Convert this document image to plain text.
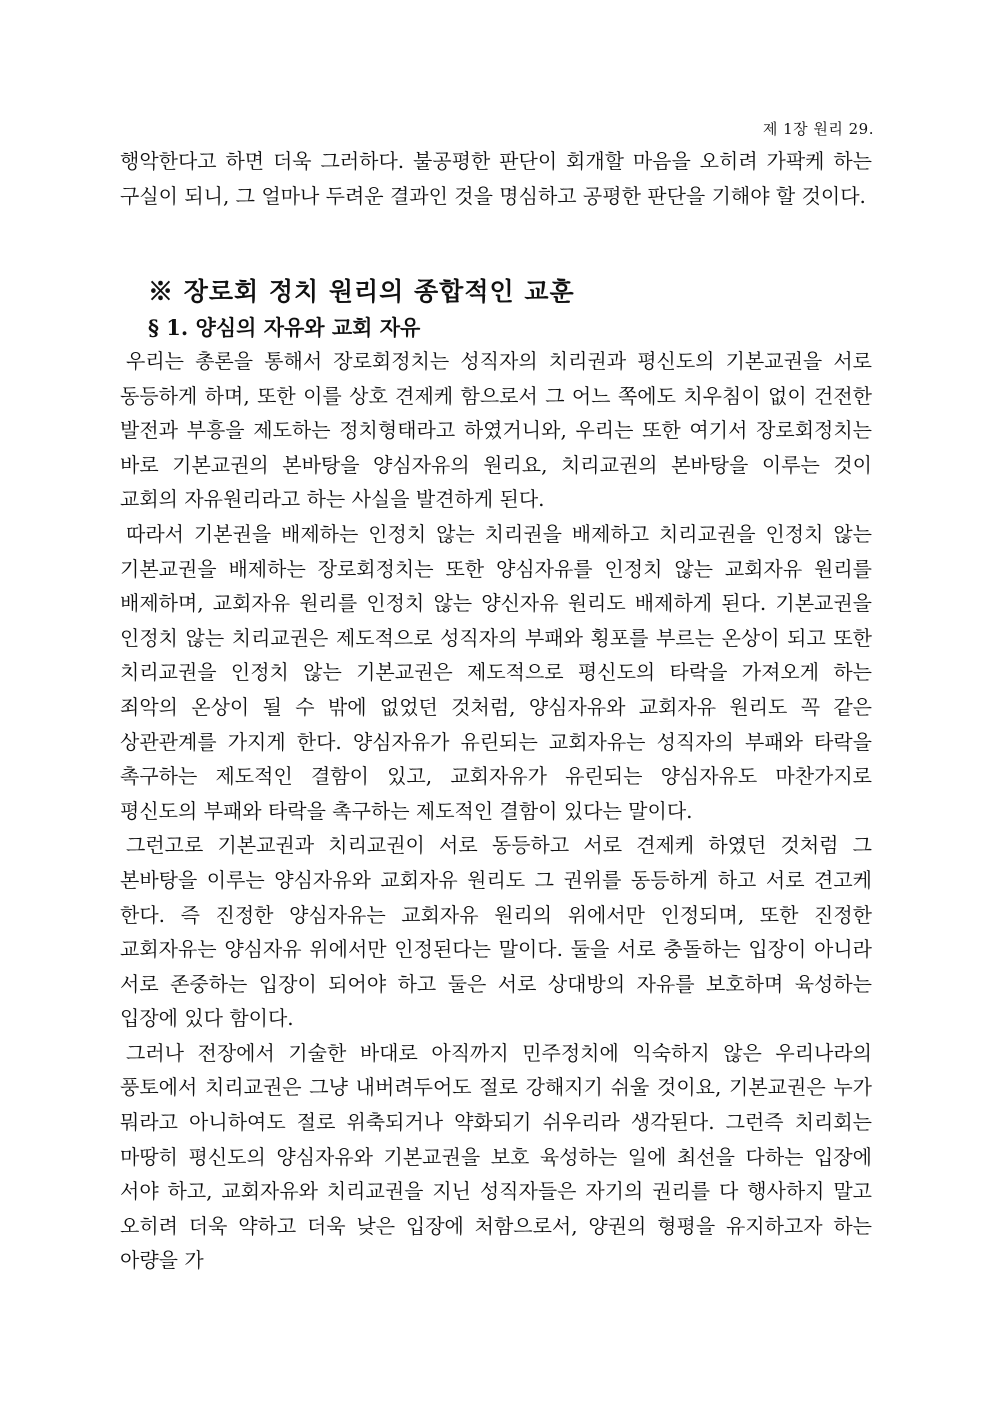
제 1장 원리 29.

행악한다고 하면 더욱 그러하다. 불공평한 판단이 회개할 마음을 오히려 가팍케 하는 구실이 되니, 그 얼마나 두려운 결과인 것을 명심하고 공평한 판단을 기해야 할 것이다.

※ 장로회 정치 원리의 종합적인 교훈
§ 1. 양심의 자유와 교회 자유

우리는 총론을 통해서 장로회정치는 성직자의 치리권과 평신도의 기본교권을 서로 동등하게 하며, 또한 이를 상호 견제케 함으로서 그 어느 쪽에도 치우침이 없이 건전한 발전과 부흥을 제도하는 정치형태라고 하였거니와, 우리는 또한 여기서 장로회정치는 바로 기본교권의 본바탕을 양심자유의 원리요, 치리교권의 본바탕을 이루는 것이 교회의 자유원리라고 하는 사실을 발견하게 된다.

따라서 기본권을 배제하는 인정치 않는 치리권을 배제하고 치리교권을 인정치 않는 기본교권을 배제하는 장로회정치는 또한 양심자유를 인정치 않는 교회자유 원리를 배제하며, 교회자유 원리를 인정치 않는 양신자유 원리도 배제하게 된다. 기본교권을 인정치 않는 치리교권은 제도적으로 성직자의 부패와 횡포를 부르는 온상이 되고 또한 치리교권을 인정치 않는 기본교권은 제도적으로 평신도의 타락을 가져오게 하는 죄악의 온상이 될 수 밖에 없었던 것처럼, 양심자유와 교회자유 원리도 꼭 같은 상관관계를 가지게 한다. 양심자유가 유린되는 교회자유는 성직자의 부패와 타락을 촉구하는 제도적인 결함이 있고, 교회자유가 유린되는 양심자유도 마찬가지로 평신도의 부패와 타락을 촉구하는 제도적인 결함이 있다는 말이다.

그런고로 기본교권과 치리교권이 서로 동등하고 서로 견제케 하였던 것처럼 그 본바탕을 이루는 양심자유와 교회자유 원리도 그 권위를 동등하게 하고 서로 견고케 한다. 즉 진정한 양심자유는 교회자유 원리의 위에서만 인정되며, 또한 진정한 교회자유는 양심자유 위에서만 인정된다는 말이다. 둘을 서로 충돌하는 입장이 아니라 서로 존중하는 입장이 되어야 하고 둘은 서로 상대방의 자유를 보호하며 육성하는 입장에 있다 함이다.

그러나 전장에서 기술한 바대로 아직까지 민주정치에 익숙하지 않은 우리나라의 풍토에서 치리교권은 그냥 내버려두어도 절로 강해지기 쉬울 것이요, 기본교권은 누가 뭐라고 아니하여도 절로 위축되거나 약화되기 쉬우리라 생각된다. 그런즉 치리회는 마땅히 평신도의 양심자유와 기본교권을 보호 육성하는 일에 최선을 다하는 입장에 서야 하고, 교회자유와 치리교권을 지닌 성직자들은 자기의 권리를 다 행사하지 말고 오히려 더욱 약하고 더욱 낮은 입장에 처함으로서, 양권의 형평을 유지하고자 하는 아량을 가
